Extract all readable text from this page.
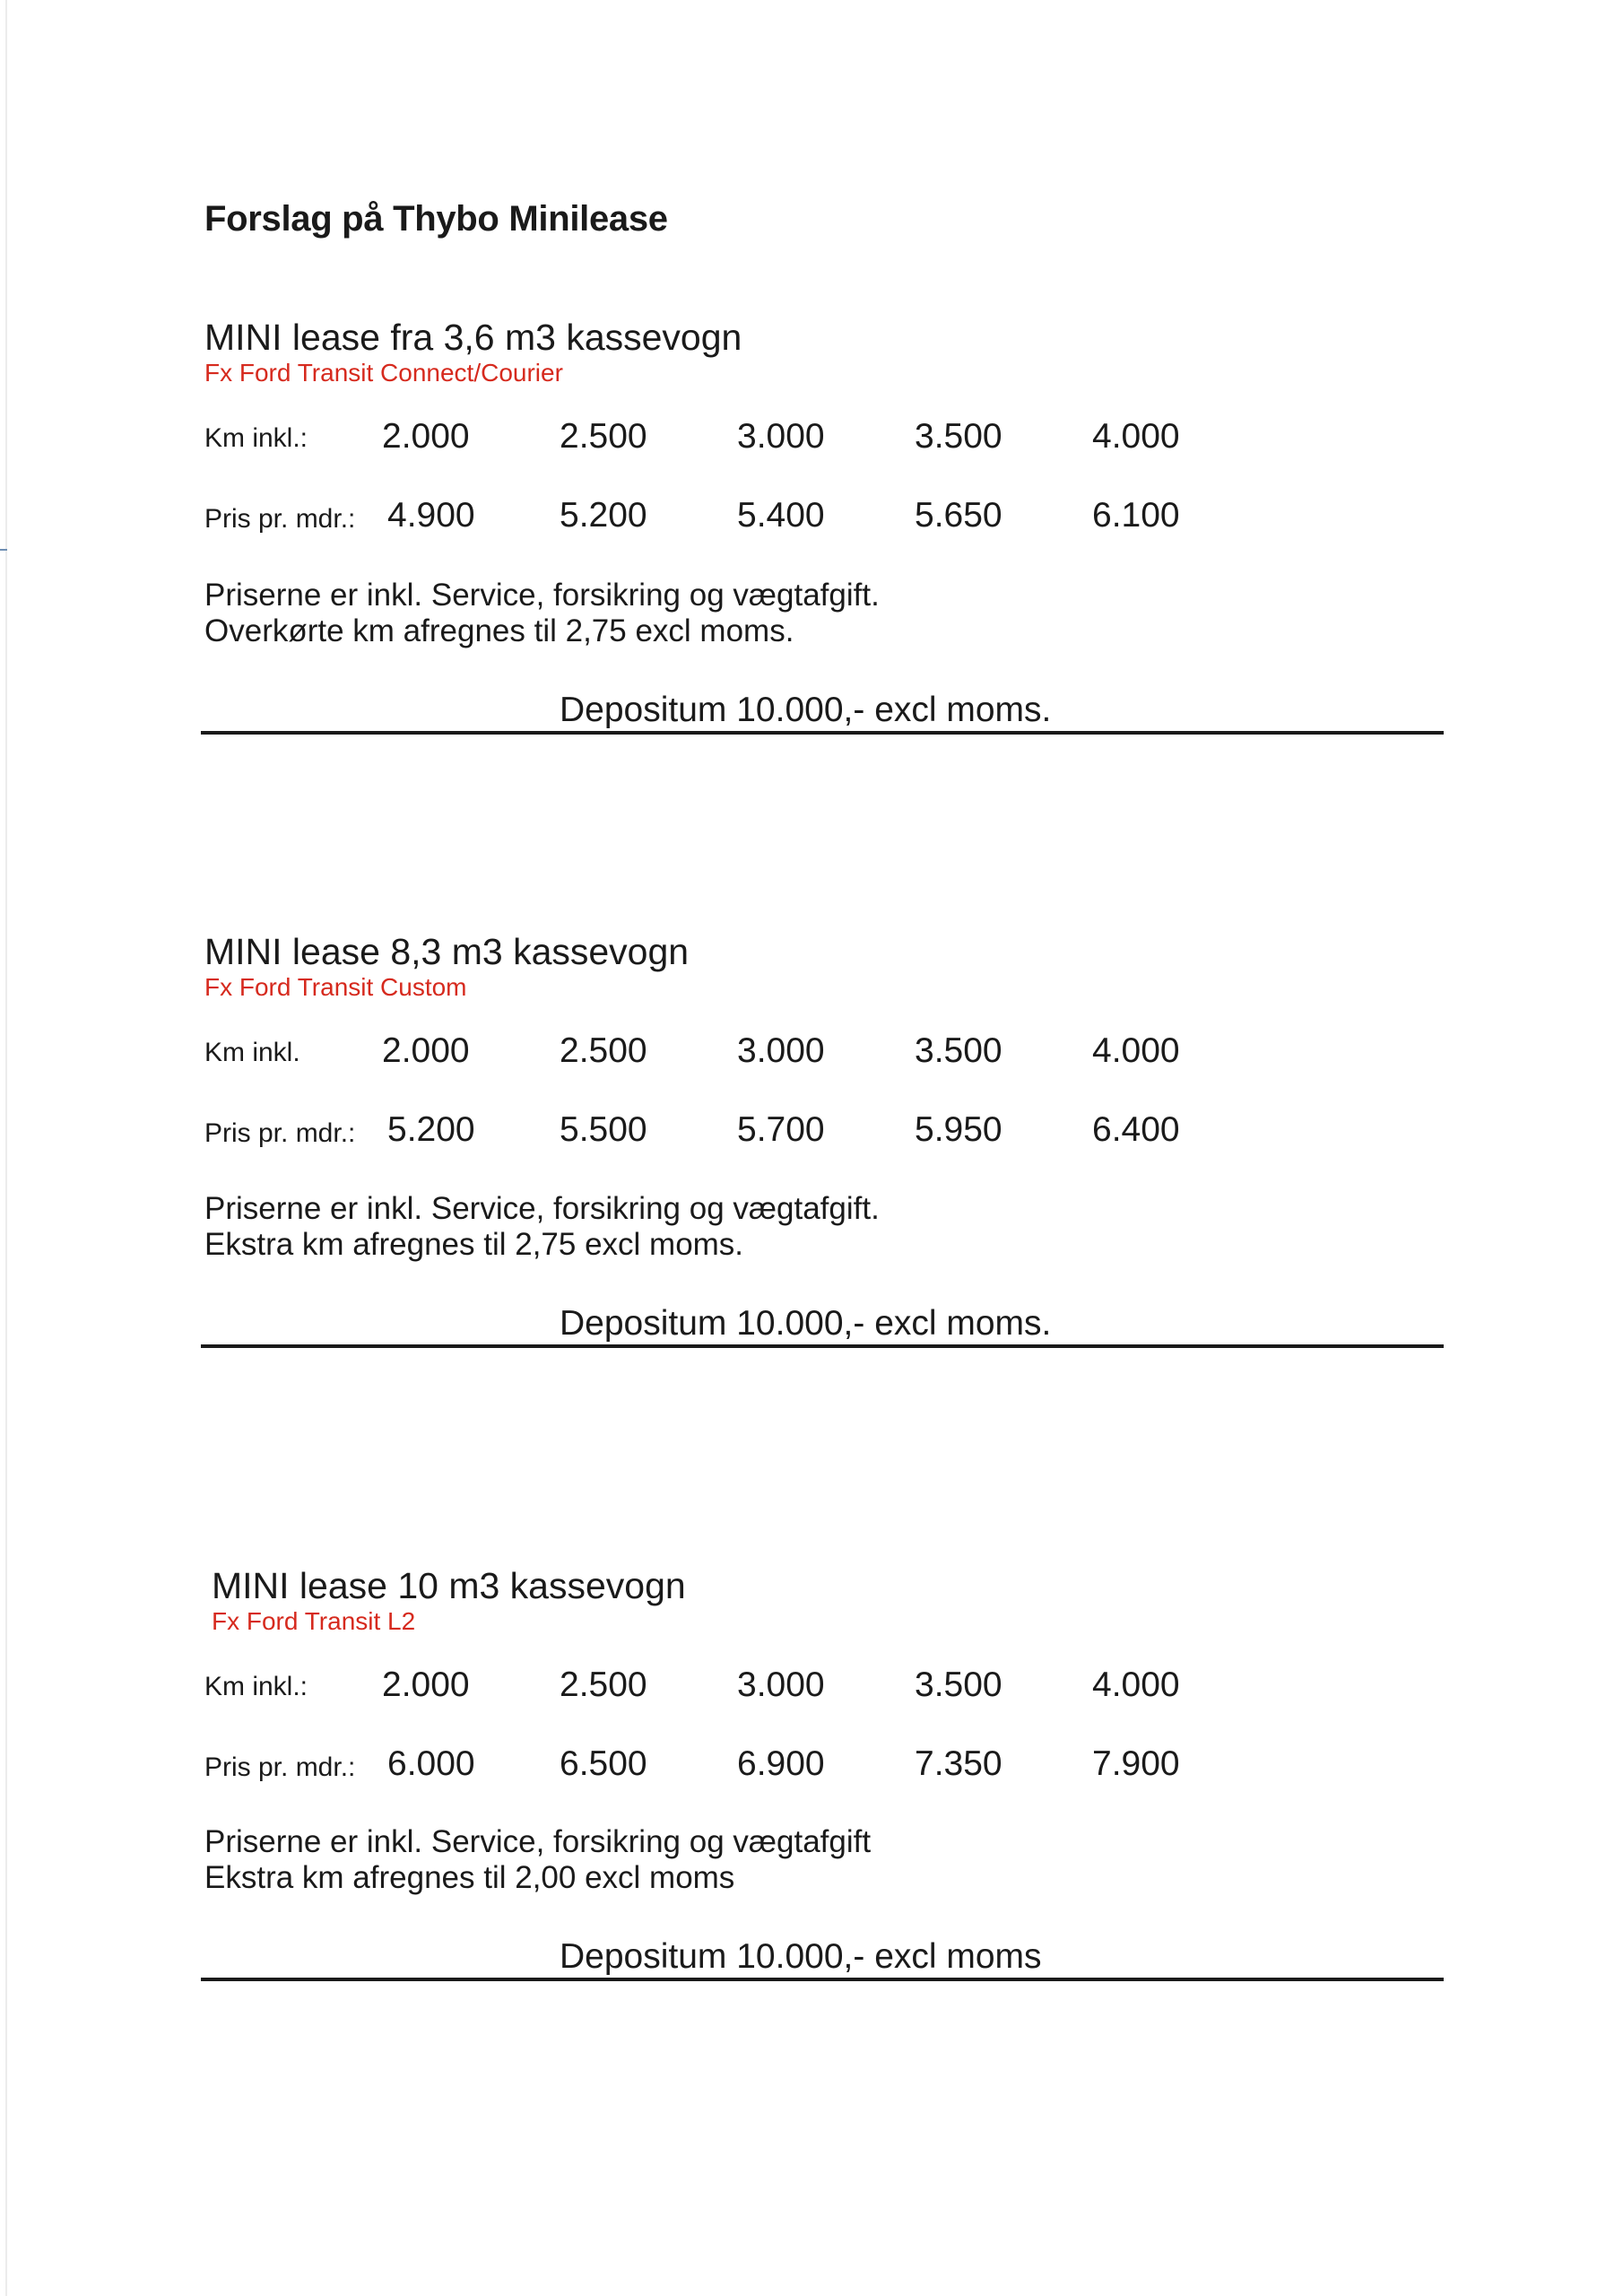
Forslag på Thybo Minilease
MINI lease fra 3,6 m3 kassevogn
Fx Ford Transit Connect/Courier
Km inkl.: 2.000	2.500	3.000	3.500	4.000
Pris pr. mdr.: 4.900 5.200	5.400	5.650	6.100
Priserne er inkl. Service, forsikring og vægtafgift.
Overkørte km afregnes til 2,75 excl moms.
Depositum 10.000,- excl moms.
MINI lease 8,3 m3 kassevogn
Fx Ford Transit Custom
Km inkl. 2.000	2.500	3.000	3.500	4.000
Pris pr. mdr.: 5.200 5.500	5.700	5.950	6.400
Priserne er inkl. Service, forsikring og vægtafgift.
Ekstra km afregnes til 2,75 excl moms.
Depositum 10.000,- excl moms.
MINI lease 10 m3 kassevogn
Fx Ford Transit L2
Km inkl.: 2.000	2.500	3.000	3.500	4.000
Pris pr. mdr.: 6.000 6.500	6.900	7.350	7.900
Priserne er inkl. Service, forsikring og vægtafgift
Ekstra km afregnes til 2,00 excl moms
Depositum 10.000,- excl moms
